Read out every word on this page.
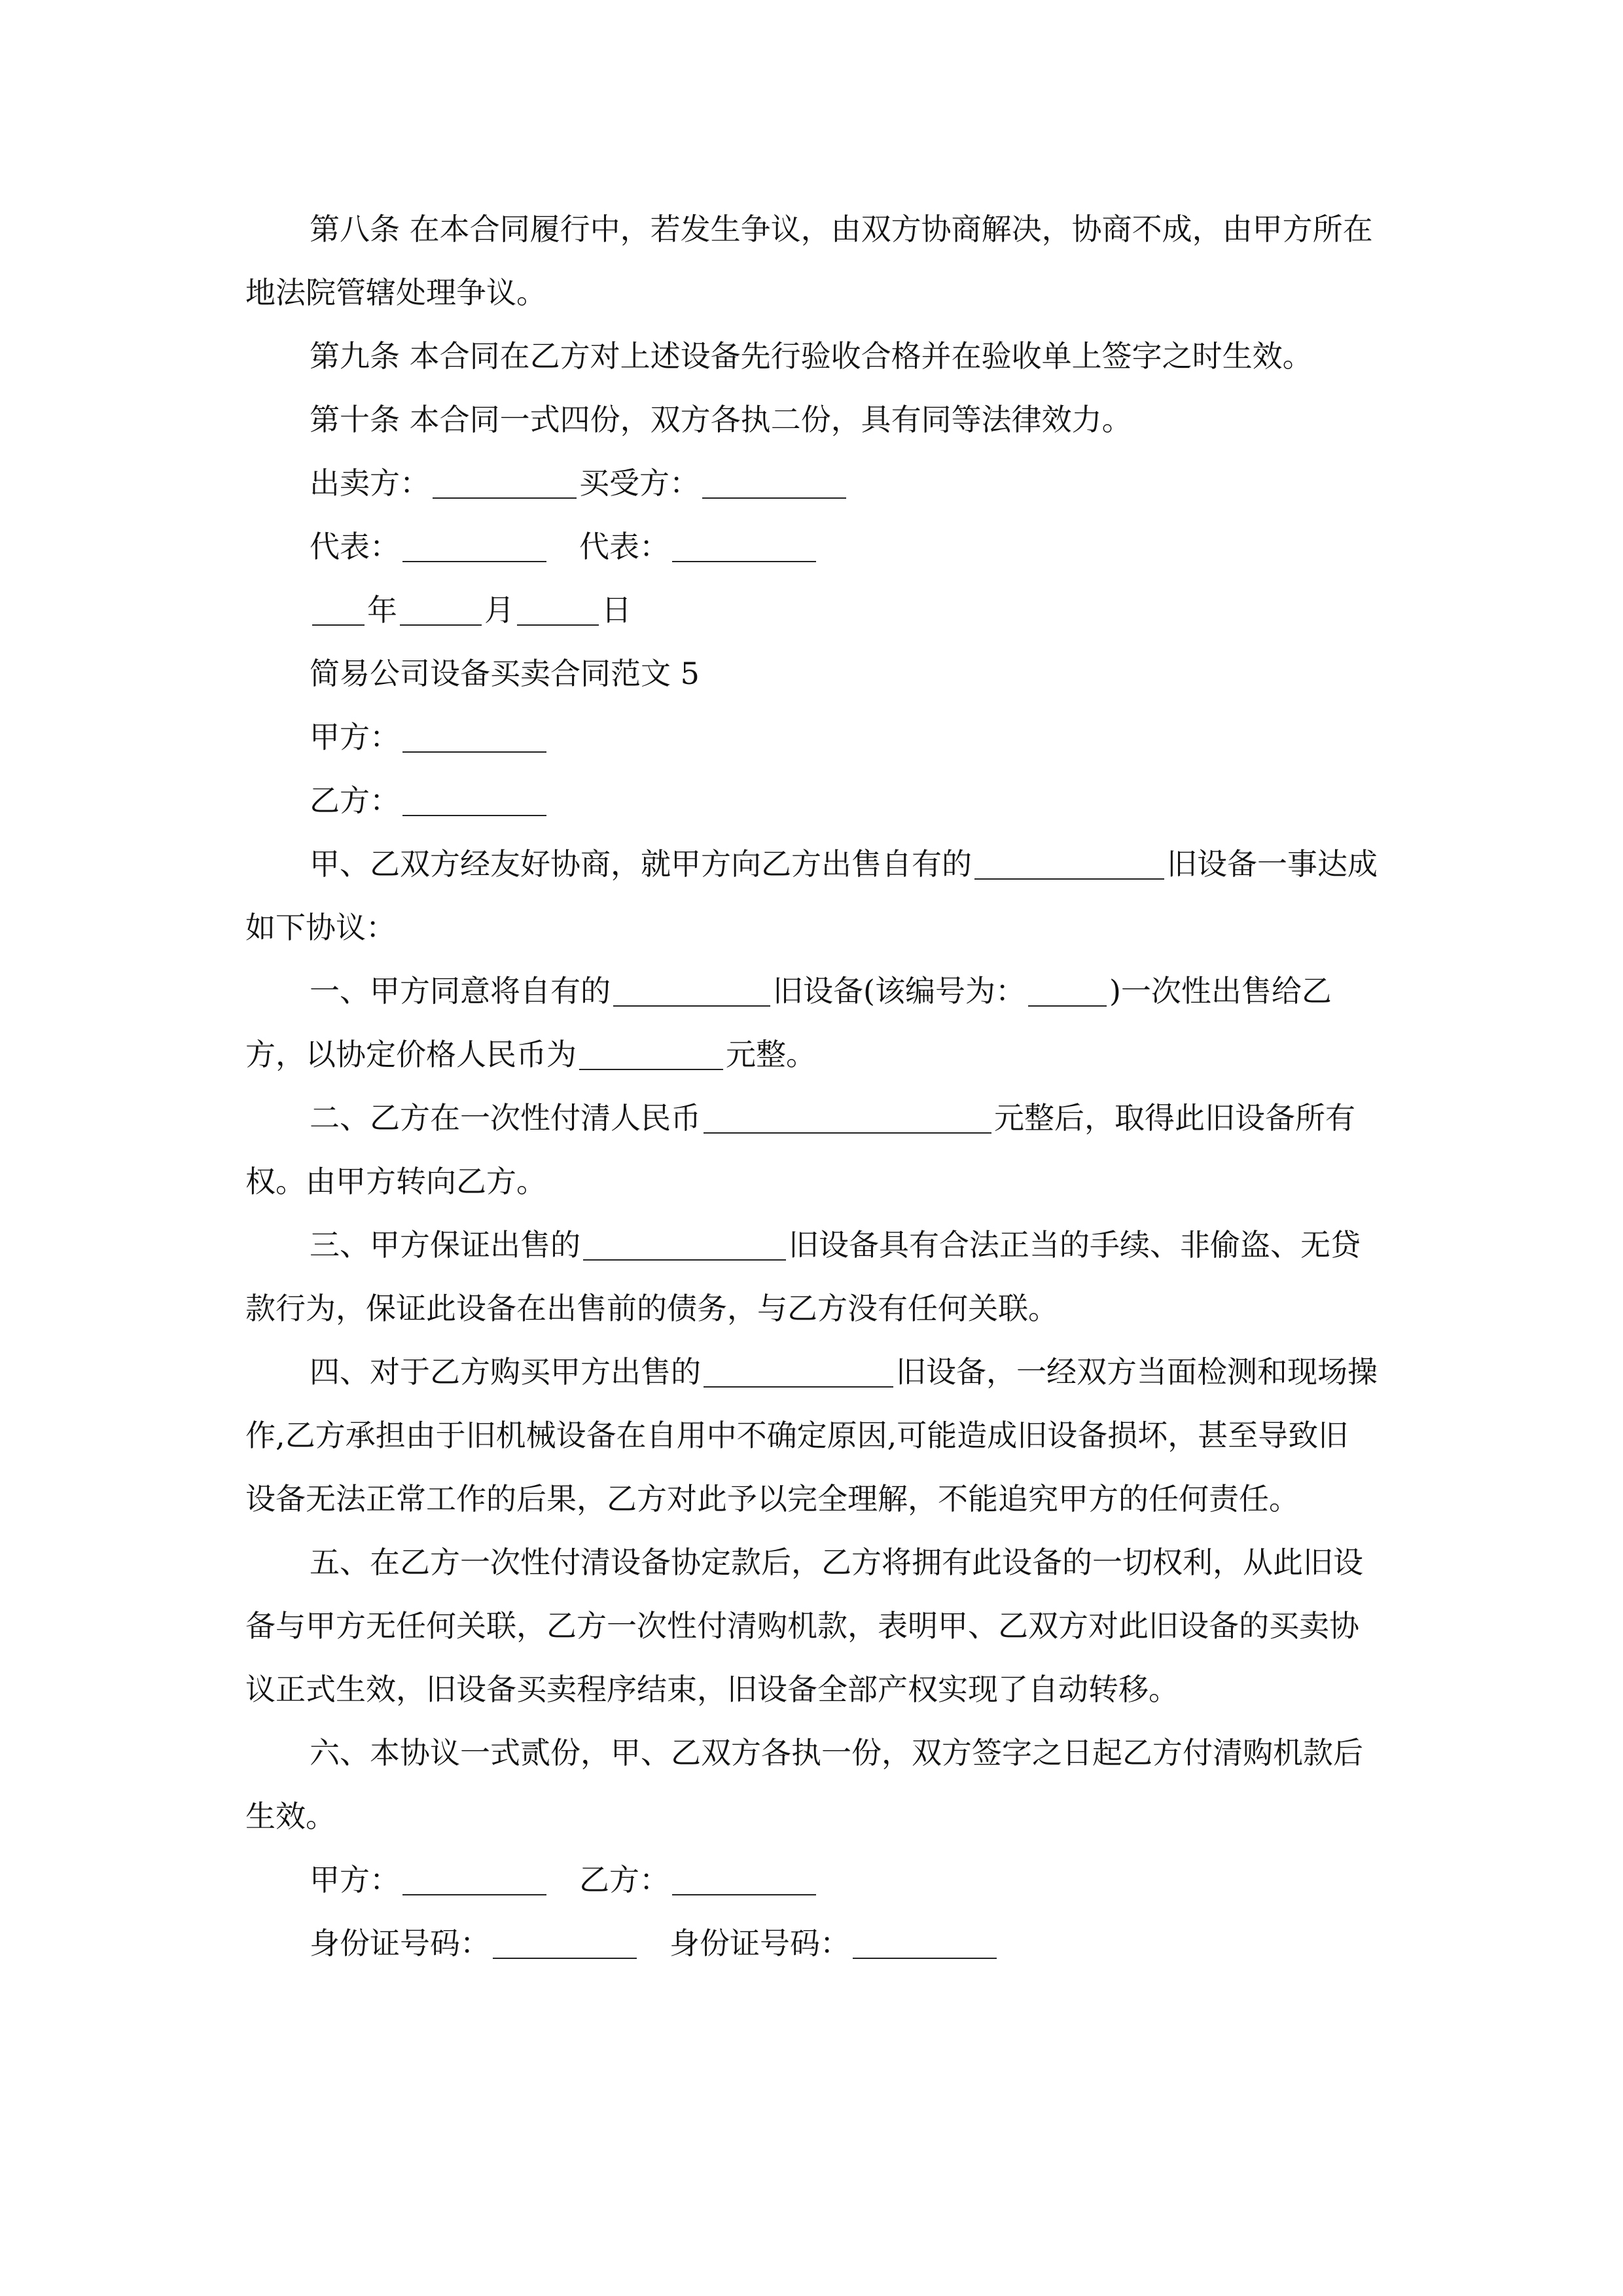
第八条 在本合同履行中，若发生争议，由双方协商解决，协商不成，由甲方所在地法院管辖处理争议。

第九条 本合同在乙方对上述设备先行验收合格并在验收单上签字之时生效。

第十条 本合同一式四份，双方各执二份，具有同等法律效力。

出卖方：	买受方：

代表：	代表：

年	月	日

简易公司设备买卖合同范文 5

甲方：

乙方：

甲、乙双方经友好协商，就甲方向乙方出售自有的	旧设备一事达成如下协议：

一、甲方同意将自有的	旧设备(该编号为：	)一次性出售给乙方，以协定价格人民币为	元整。

二、乙方在一次性付清人民币	元整后，取得此旧设备所有权。由甲方转向乙方。

三、甲方保证出售的	旧设备具有合法正当的手续、非偷盗、无贷款行为，保证此设备在出售前的债务，与乙方没有任何关联。

四、对于乙方购买甲方出售的	旧设备，一经双方当面检测和现场操作,乙方承担由于旧机械设备在自用中不确定原因,可能造成旧设备损坏，甚至导致旧设备无法正常工作的后果，乙方对此予以完全理解，不能追究甲方的任何责任。

五、在乙方一次性付清设备协定款后，乙方将拥有此设备的一切权利，从此旧设备与甲方无任何关联，乙方一次性付清购机款，表明甲、乙双方对此旧设备的买卖协议正式生效，旧设备买卖程序结束，旧设备全部产权实现了自动转移。

六、本协议一式贰份，甲、乙双方各执一份，双方签字之日起乙方付清购机款后生效。

甲方：	乙方：

身份证号码：	身份证号码：
